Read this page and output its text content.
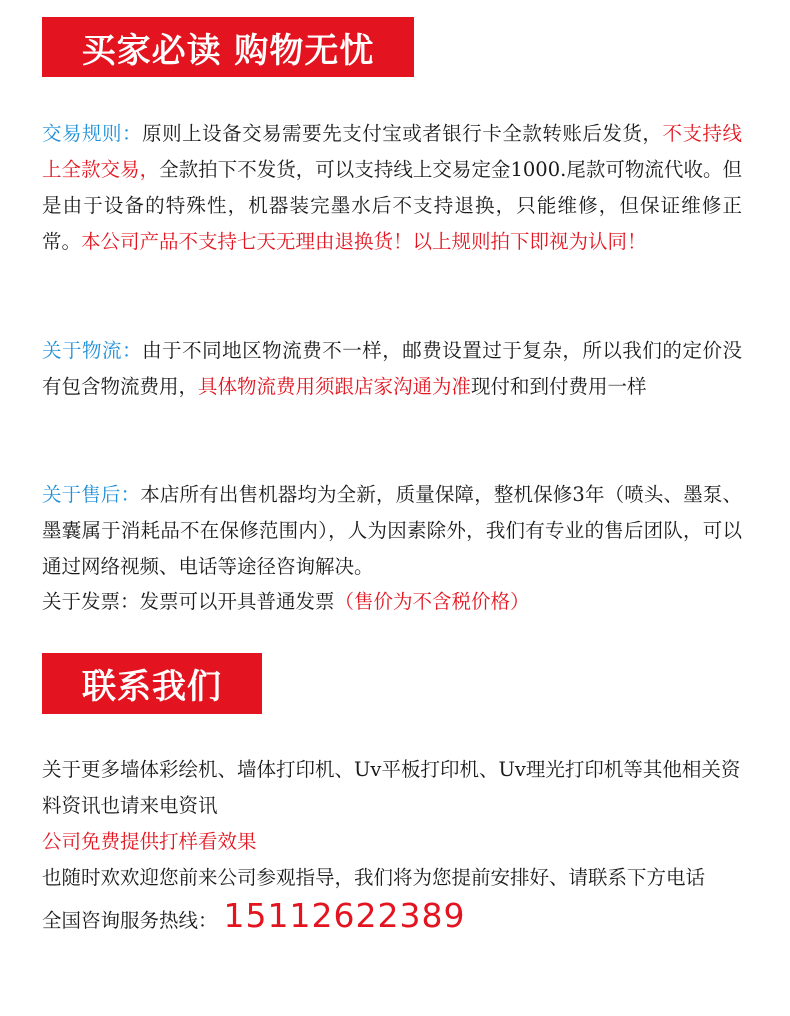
买家必读 购物无忧
交易规则：原则上设备交易需要先支付宝或者银行卡全款转账后发货，不支持线上全款交易，全款拍下不发货，可以支持线上交易定金1000.尾款可物流代收。但是由于设备的特殊性，机器装完墨水后不支持退换，只能维修，但保证维修正常。本公司产品不支持七天无理由退换货！以上规则拍下即视为认同！
关于物流：由于不同地区物流费不一样，邮费设置过于复杂，所以我们的定价没有包含物流费用，具体物流费用须跟店家沟通为准现付和到付费用一样
关于售后：本店所有出售机器均为全新，质量保障，整机保修3年（喷头、墨泵、墨囊属于消耗品不在保修范围内），人为因素除外，我们有专业的售后团队，可以通过网络视频、电话等途径咨询解决。
关于发票：发票可以开具普通发票（售价为不含税价格）
联系我们
关于更多墙体彩绘机、墙体打印机、Uv平板打印机、Uv理光打印机等其他相关资料资讯也请来电资讯
公司免费提供打样看效果
也随时欢欢迎您前来公司参观指导，我们将为您提前安排好、请联系下方电话
全国咨询服务热线： 15112622389
